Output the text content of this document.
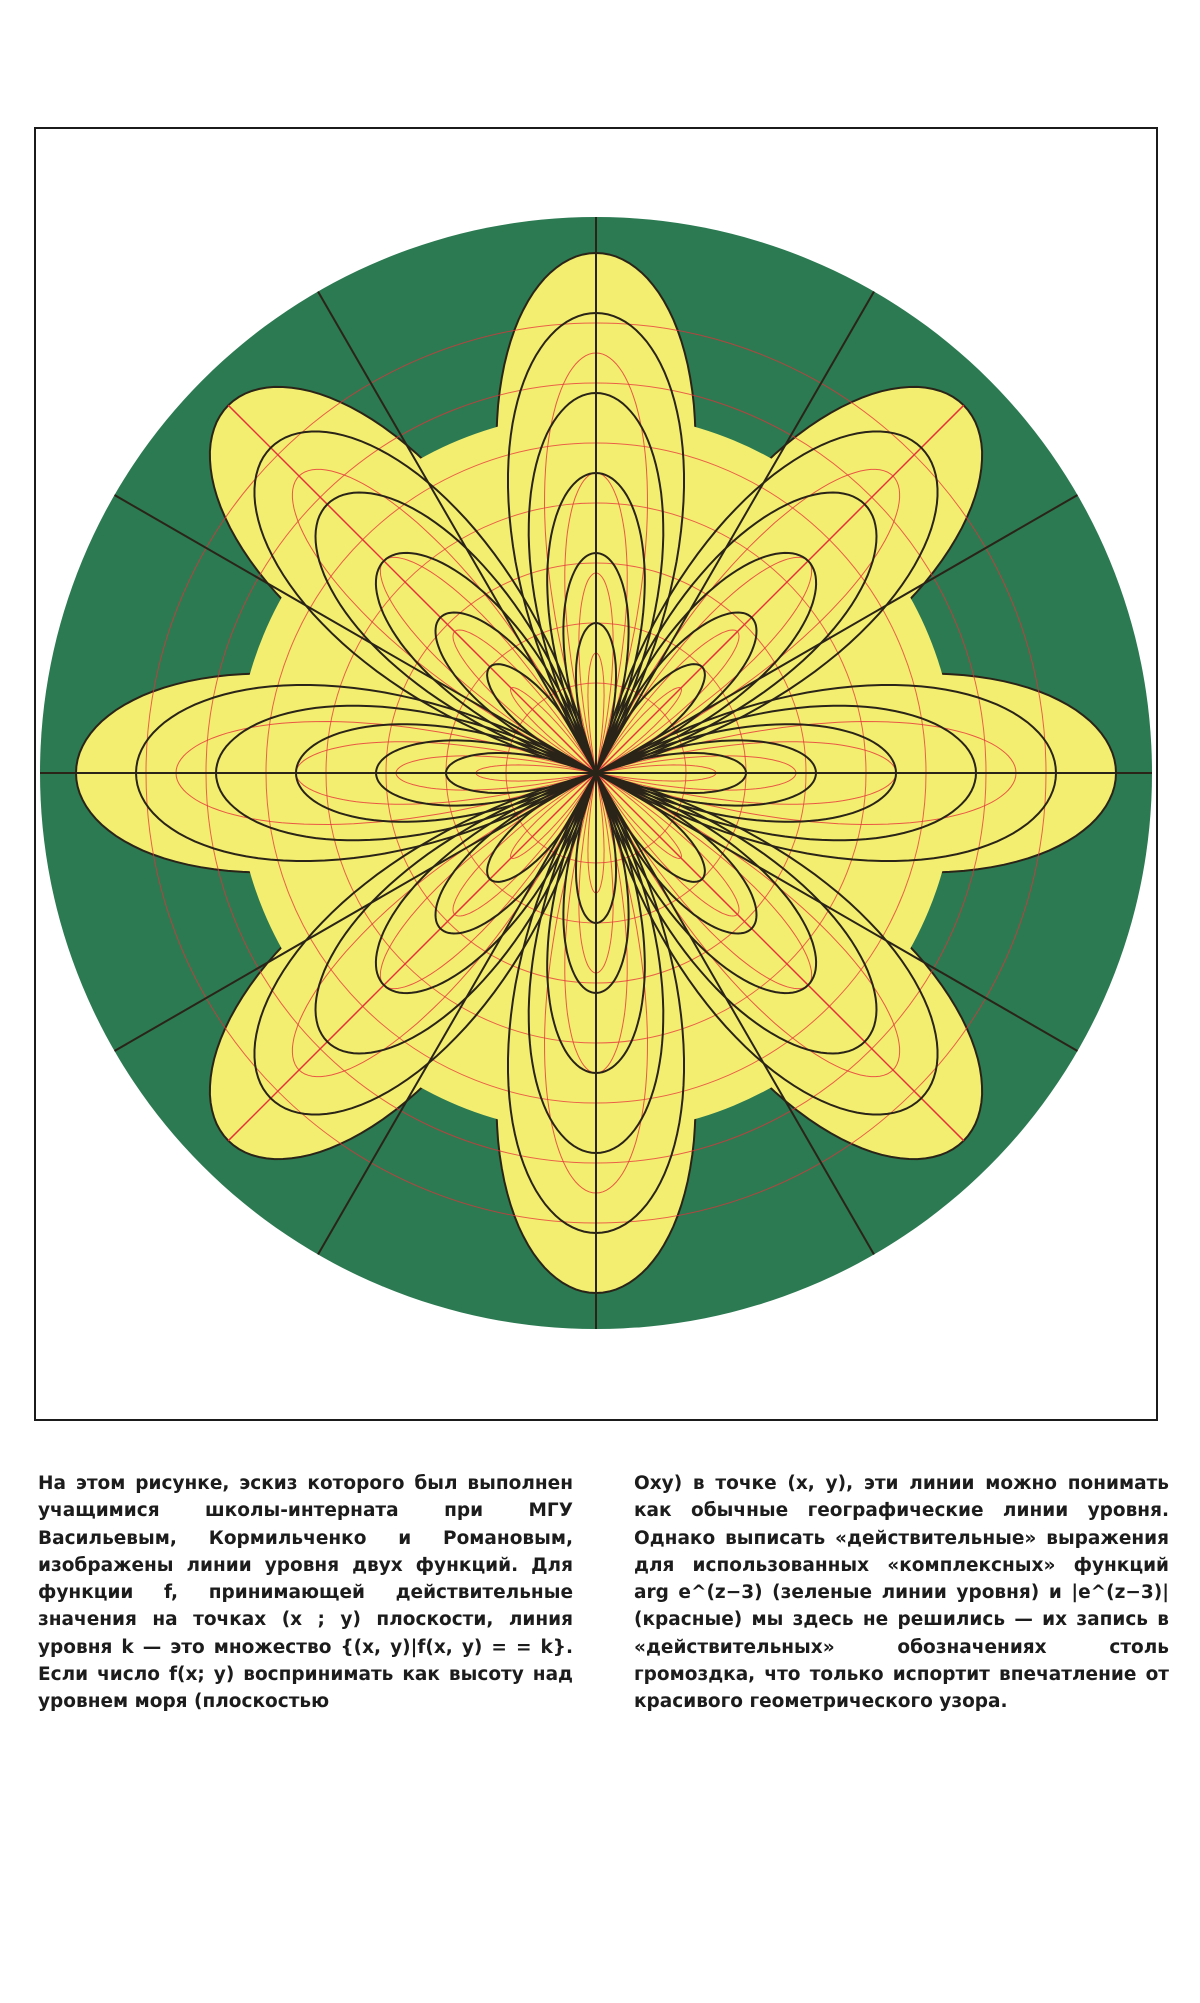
На этом рисунке, эскиз которого был выполнен учащимися школы-интерната при МГУ Васильевым, Кормильченко и Романовым, изображены линии уровня двух функций. Для функции f, принимающей действительные значения на точках (x ; y) плоскости, линия уровня k — это множество {(x, y)|f(x, y) = = k}. Если число f(x; y) воспринимать как высоту над уровнем моря (плоскостью

Oxy) в точке (x, y), эти линии можно понимать как обычные географические линии уровня. Однако выписать «действительные» выражения для использованных «комплексных» функций arg e^(z−3) (зеленые линии уровня) и |e^(z−3)| (красные) мы здесь не решились — их запись в «действительных» обозначениях столь громоздка, что только испортит впечатление от красивого геометрического узора.
